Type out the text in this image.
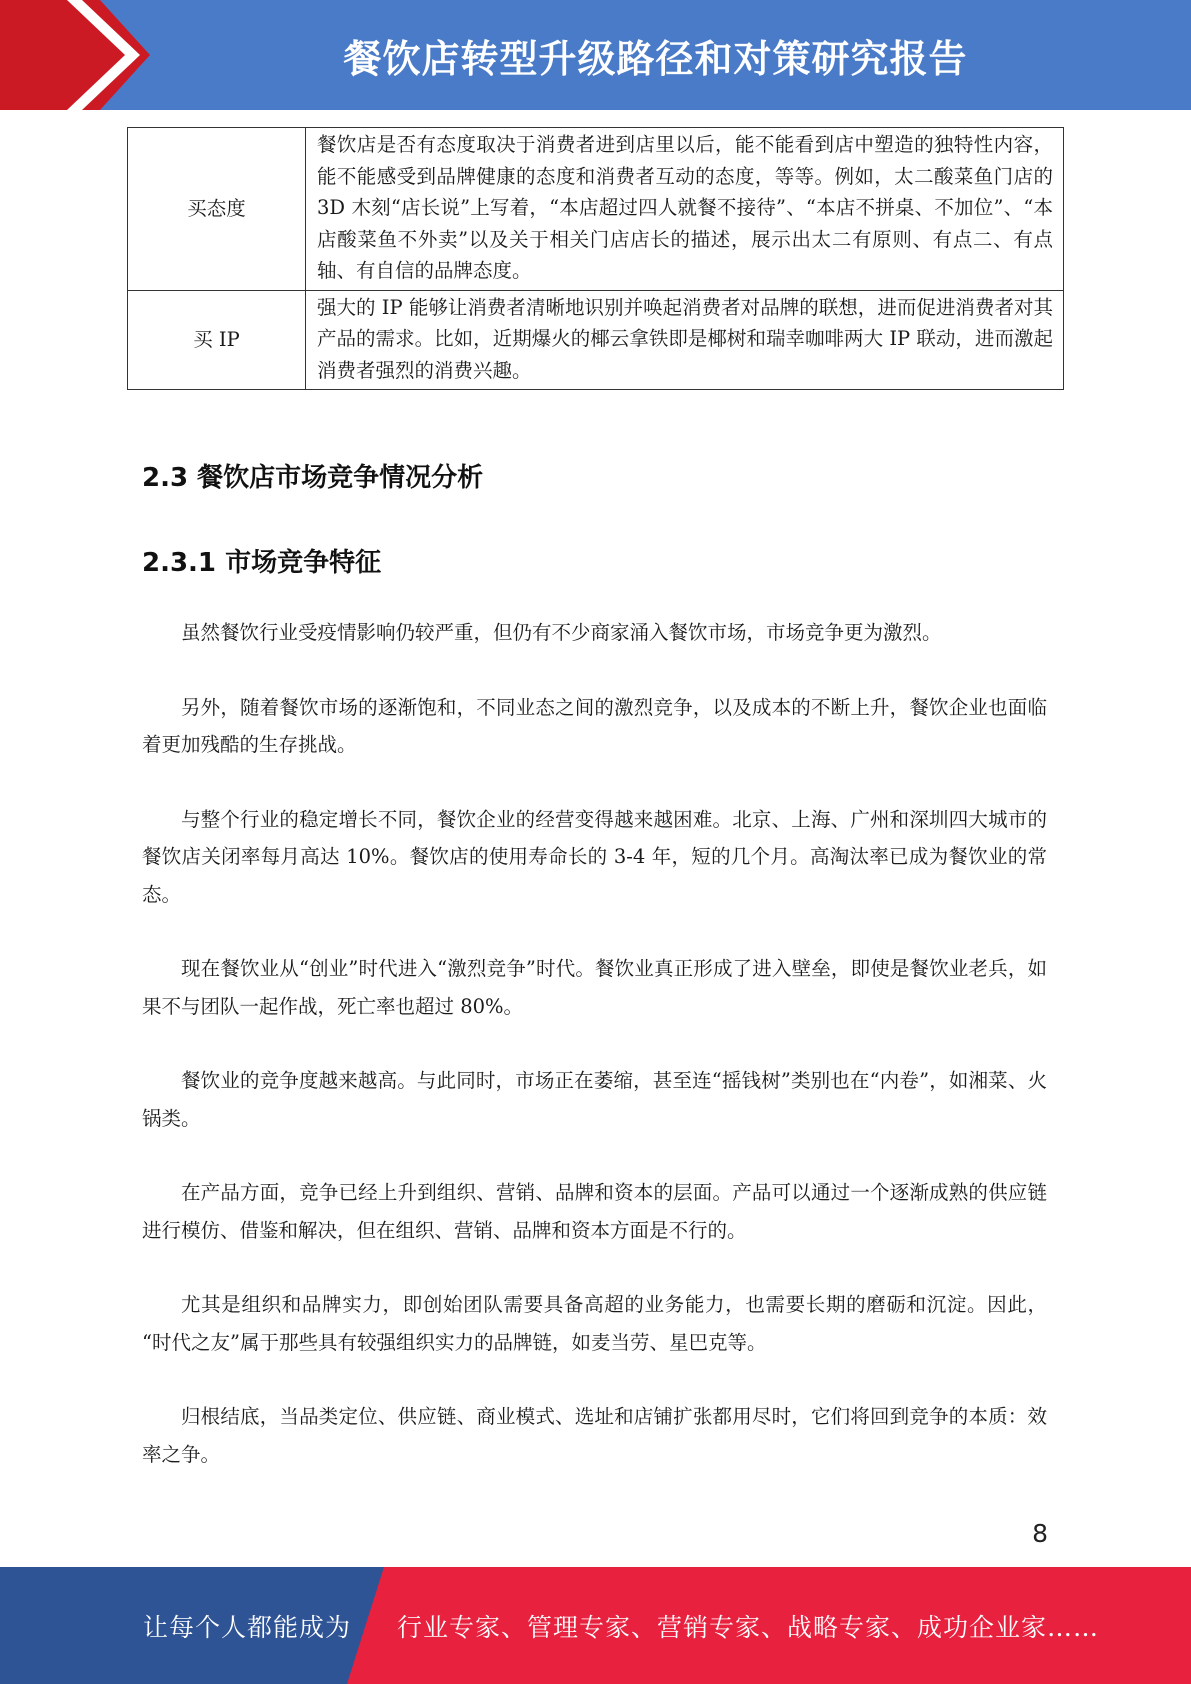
餐饮店转型升级路径和对策研究报告
买态度	餐饮店是否有态度取决于消费者进到店里以后，能不能看到店中塑造的独特性内容，能不能感受到品牌健康的态度和消费者互动的态度，等等。例如，太二酸菜鱼门店的 3D 木刻“店长说”上写着，“本店超过四人就餐不接待”、“本店不拼桌、不加位”、“本店酸菜鱼不外卖”以及关于相关门店店长的描述，展示出太二有原则、有点二、有点轴、有自信的品牌态度。
买 IP	强大的 IP 能够让消费者清晰地识别并唤起消费者对品牌的联想，进而促进消费者对其产品的需求。比如，近期爆火的椰云拿铁即是椰树和瑞幸咖啡两大 IP 联动，进而激起消费者强烈的消费兴趣。
2.3 餐饮店市场竞争情况分析
2.3.1 市场竞争特征

虽然餐饮行业受疫情影响仍较严重，但仍有不少商家涌入餐饮市场，市场竞争更为激烈。

另外，随着餐饮市场的逐渐饱和，不同业态之间的激烈竞争，以及成本的不断上升，餐饮企业也面临着更加残酷的生存挑战。

与整个行业的稳定增长不同，餐饮企业的经营变得越来越困难。北京、上海、广州和深圳四大城市的餐饮店关闭率每月高达 10%。餐饮店的使用寿命长的 3-4 年，短的几个月。高淘汰率已成为餐饮业的常态。

现在餐饮业从“创业”时代进入“激烈竞争”时代。餐饮业真正形成了进入壁垒，即使是餐饮业老兵，如果不与团队一起作战，死亡率也超过 80%。

餐饮业的竞争度越来越高。与此同时，市场正在萎缩，甚至连“摇钱树”类别也在“内卷”，如湘菜、火锅类。

在产品方面，竞争已经上升到组织、营销、品牌和资本的层面。产品可以通过一个逐渐成熟的供应链进行模仿、借鉴和解决，但在组织、营销、品牌和资本方面是不行的。

尤其是组织和品牌实力，即创始团队需要具备高超的业务能力，也需要长期的磨砺和沉淀。因此， “时代之友”属于那些具有较强组织实力的品牌链，如麦当劳、星巴克等。

归根结底，当品类定位、供应链、商业模式、选址和店铺扩张都用尽时，它们将回到竞争的本质：效率之争。

8
让每个人都能成为 行业专家、管理专家、营销专家、战略专家、成功企业家……
